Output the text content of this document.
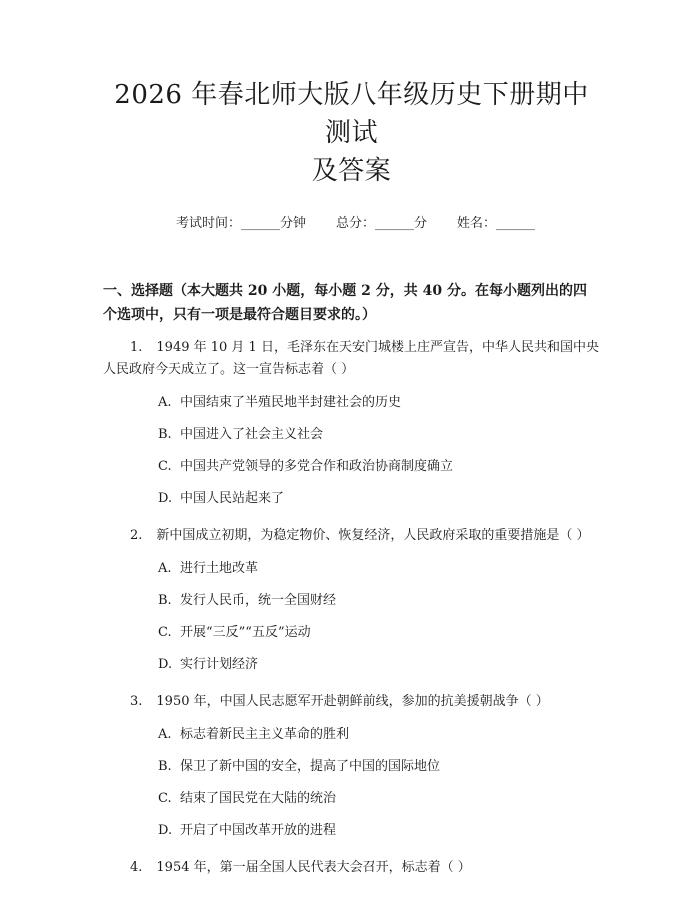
2026 年春北师大版八年级历史下册期中测试
及答案
考试时间：______分钟 总分：______分 姓名：______
一、选择题（本大题共 20 小题，每小题 2 分，共 40 分。在每小题列出的四个选项中，只有一项是最符合题目要求的。）

1. 1949 年 10 月 1 日，毛泽东在天安门城楼上庄严宣告，中华人民共和国中央人民政府今天成立了。这一宣告标志着（ ）

A. 中国结束了半殖民地半封建社会的历史
B. 中国进入了社会主义社会
C. 中国共产党领导的多党合作和政治协商制度确立
D. 中国人民站起来了

2. 新中国成立初期，为稳定物价、恢复经济，人民政府采取的重要措施是（ ）

A. 进行土地改革
B. 发行人民币，统一全国财经
C. 开展“三反”“五反”运动
D. 实行计划经济

3. 1950 年，中国人民志愿军开赴朝鲜前线，参加的抗美援朝战争（ ）

A. 标志着新民主主义革命的胜利
B. 保卫了新中国的安全，提高了中国的国际地位
C. 结束了国民党在大陆的统治
D. 开启了中国改革开放的进程

4. 1954 年，第一届全国人民代表大会召开，标志着（ ）
